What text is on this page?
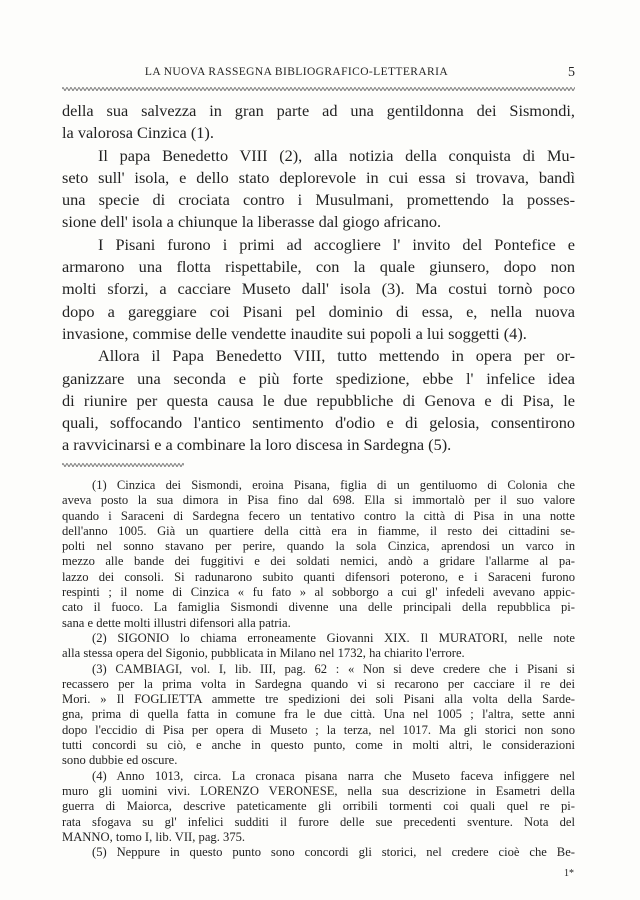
LA NUOVA RASSEGNA BIBLIOGRAFICO-LETTERARIA	5
della sua salvezza in gran parte ad una gentildonna dei Sismondi,
la valorosa Cinzica (1).
Il papa Benedetto VIII (2), alla notizia della conquista di Mu-
seto sull' isola, e dello stato deplorevole in cui essa si trovava, bandì
una specie di crociata contro i Musulmani, promettendo la posses-
sione dell' isola a chiunque la liberasse dal giogo africano.
I Pisani furono i primi ad accogliere l' invito del Pontefice e
armarono una flotta rispettabile, con la quale giunsero, dopo non
molti sforzi, a cacciare Museto dall' isola (3). Ma costui tornò poco
dopo a gareggiare coi Pisani pel dominio di essa, e, nella nuova
invasione, commise delle vendette inaudite sui popoli a lui soggetti (4).
Allora il Papa Benedetto VIII, tutto mettendo in opera per or-
ganizzare una seconda e più forte spedizione, ebbe l' infelice idea
di riunire per questa causa le due repubbliche di Genova e di Pisa, le
quali, soffocando l'antico sentimento d'odio e di gelosia, consentirono
a ravvicinarsi e a combinare la loro discesa in Sardegna (5).
(1) Cinzica dei Sismondi, eroina Pisana, figlia di un gentiluomo di Colonia che
aveva posto la sua dimora in Pisa fino dal 698. Ella si immortalò per il suo valore
quando i Saraceni di Sardegna fecero un tentativo contro la città di Pisa in una notte
dell'anno 1005. Già un quartiere della città era in fiamme, il resto dei cittadini se-
polti nel sonno stavano per perire, quando la sola Cinzica, aprendosi un varco in
mezzo alle bande dei fuggitivi e dei soldati nemici, andò a gridare l'allarme al pa-
lazzo dei consoli. Si radunarono subito quanti difensori poterono, e i Saraceni furono
respinti ; il nome di Cinzica « fu fato » al sobborgo a cui gl' infedeli avevano appic-
cato il fuoco. La famiglia Sismondi divenne una delle principali della repubblica pi-
sana e dette molti illustri difensori alla patria.
(2) SIGONIO lo chiama erroneamente Giovanni XIX. Il MURATORI, nelle note
alla stessa opera del Sigonio, pubblicata in Milano nel 1732, ha chiarito l'errore.
(3) CAMBIAGI, vol. I, lib. III, pag. 62 : « Non si deve credere che i Pisani si
recassero per la prima volta in Sardegna quando vi si recarono per cacciare il re dei
Mori. » Il FOGLIETTA ammette tre spedizioni dei soli Pisani alla volta della Sarde-
gna, prima di quella fatta in comune fra le due città. Una nel 1005 ; l'altra, sette anni
dopo l'eccidio di Pisa per opera di Museto ; la terza, nel 1017. Ma gli storici non sono
tutti concordi su ciò, e anche in questo punto, come in molti altri, le considerazioni
sono dubbie ed oscure.
(4) Anno 1013, circa. La cronaca pisana narra che Museto faceva infiggere nel
muro gli uomini vivi. LORENZO VERONESE, nella sua descrizione in Esametri della
guerra di Maiorca, descrive pateticamente gli orribili tormenti coi quali quel re pi-
rata sfogava su gl' infelici sudditi il furore delle sue precedenti sventure. Nota del
MANNO, tomo I, lib. VII, pag. 375.
(5) Neppure in questo punto sono concordi gli storici, nel credere cioè che Be-
1*
